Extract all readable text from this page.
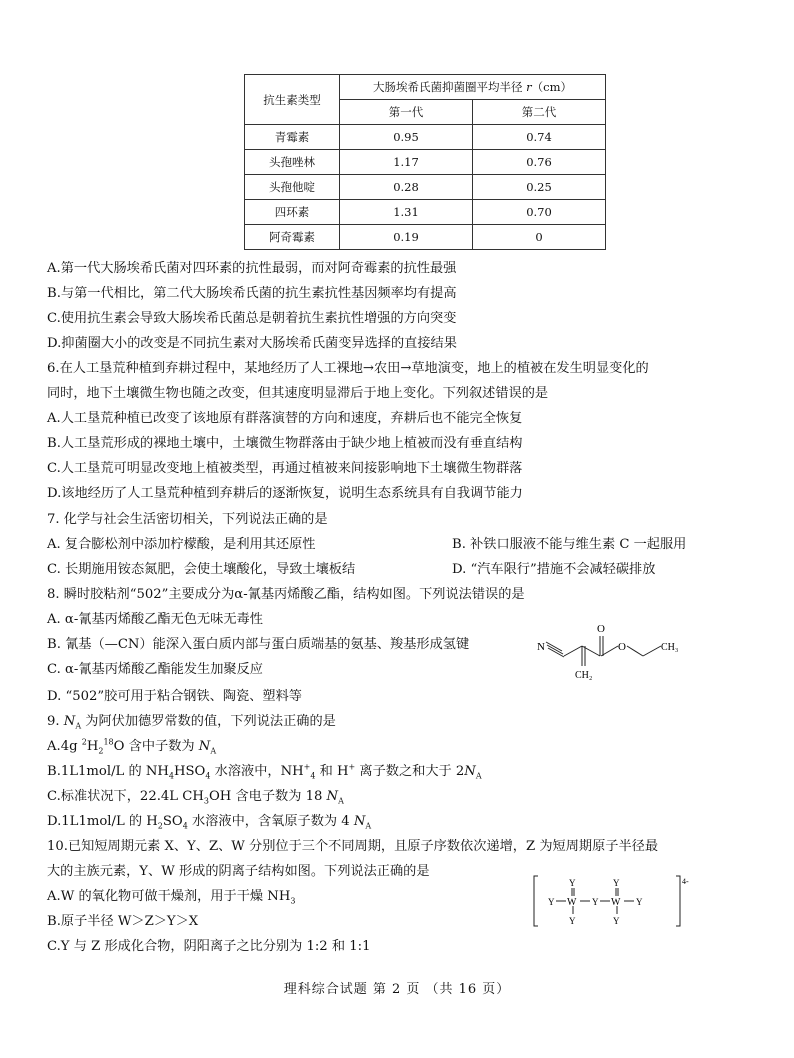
抗生素类型	大肠埃希氏菌抑菌圈平均半径 r（cm）	
	第一代	第二代
青霉素	0.95	0.74
头孢唑林	1.17	0.76
头孢他啶	0.28	0.25
四环素	1.31	0.70
阿奇霉素	0.19	0
A.第一代大肠埃希氏菌对四环素的抗性最弱，而对阿奇霉素的抗性最强
B.与第一代相比，第二代大肠埃希氏菌的抗生素抗性基因频率均有提高
C.使用抗生素会导致大肠埃希氏菌总是朝着抗生素抗性增强的方向突变
D.抑菌圈大小的改变是不同抗生素对大肠埃希氏菌变异选择的直接结果
6.在人工垦荒种植到弃耕过程中，某地经历了人工裸地→农田→草地演变，地上的植被在发生明显变化的
同时，地下土壤微生物也随之改变，但其速度明显滞后于地上变化。下列叙述错误的是
A.人工垦荒种植已改变了该地原有群落演替的方向和速度，弃耕后也不能完全恢复
B.人工垦荒形成的裸地土壤中，土壤微生物群落由于缺少地上植被而没有垂直结构
C.人工垦荒可明显改变地上植被类型，再通过植被来间接影响地下土壤微生物群落
D.该地经历了人工垦荒种植到弃耕后的逐渐恢复，说明生态系统具有自我调节能力
7. 化学与社会生活密切相关，下列说法正确的是
A. 复合膨松剂中添加柠檬酸，是利用其还原性	B. 补铁口服液不能与维生素 C 一起服用
C. 长期施用铵态氮肥，会使土壤酸化，导致土壤板结	D. “汽车限行”措施不会减轻碳排放
8. 瞬时胶粘剂“502”主要成分为α-氰基丙烯酸乙酯，结构如图。下列说法错误的是
A. α-氰基丙烯酸乙酯无色无味无毒性
B. 氰基（—CN）能深入蛋白质内部与蛋白质端基的氨基、羧基形成氢键
C. α-氰基丙烯酸乙酯能发生加聚反应
D. “502”胶可用于粘合钢铁、陶瓷、塑料等
N
O
O	CH₃
CH₂
9. $N_A$ 为阿伏加德罗常数的值，下列说法正确的是
A.4g $^2H_2^{18}O$ 含中子数为 $N_A$
B.1L1mol/L 的 $NH_4HSO_4$ 水溶液中，$NH^+_4$ 和 H+ 离子数之和大于 $2N_A$
C.标准状况下，22.4L $CH_3OH$ 含电子数为 18 $N_A$
D.1L1mol/L 的 $H_2SO_4$ 水溶液中，含氧原子数为 4 $N_A$
10.已知短周期元素 X、Y、Z、W 分别位于三个不同周期，且原子序数依次递增，Z 为短周期原子半径最
大的主族元素，Y、W 形成的阴离子结构如图。下列说法正确的是
A.W 的氧化物可做干燥剂，用于干燥 $NH_3$
B.原子半径 W＞Z＞Y＞X
C.Y 与 Z 形成化合物，阴阳离子之比分别为 1:2 和 1:1
4-
Y
Y W
Y
Y
Y
W
Y
Y
理科综合试题 第 2 页 （共 16 页）
